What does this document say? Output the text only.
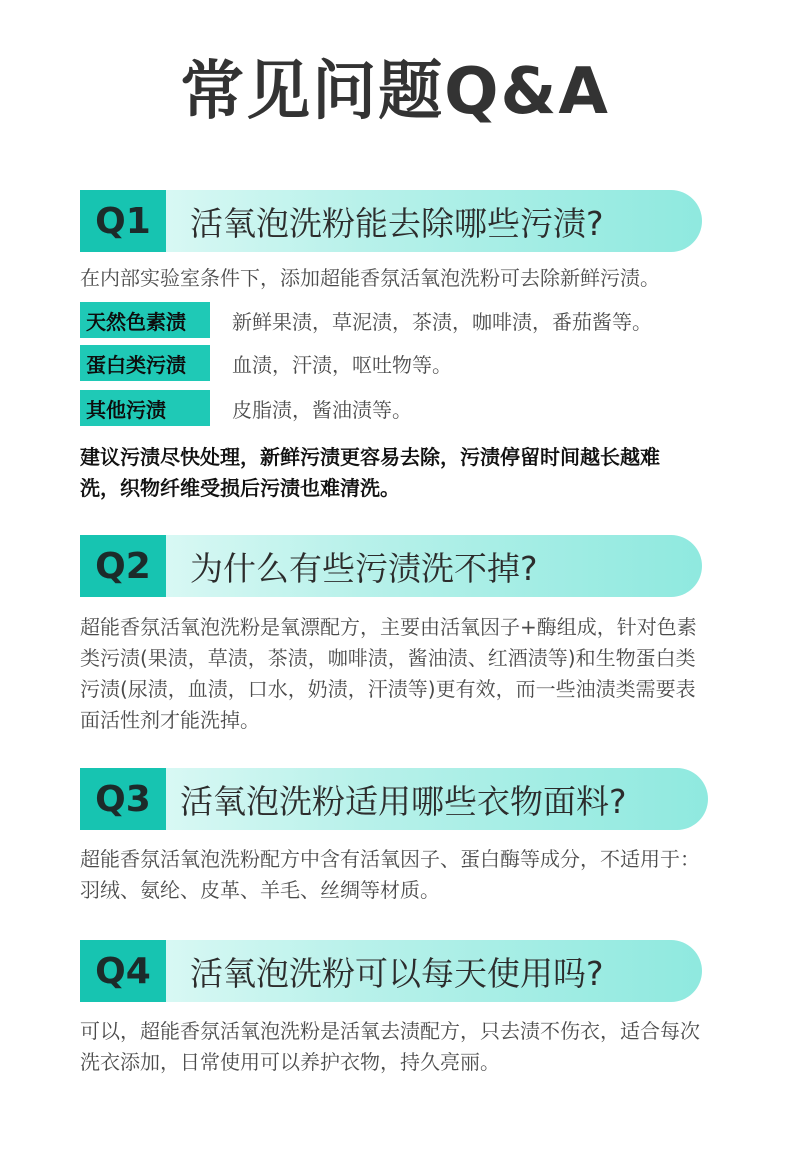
常见问题Q&A
Q1	活氧泡洗粉能去除哪些污渍?
在内部实验室条件下，添加超能香氛活氧泡洗粉可去除新鲜污渍。
天然色素渍	新鲜果渍，草泥渍，茶渍，咖啡渍，番茄酱等。
蛋白类污渍	血渍，汗渍，呕吐物等。
其他污渍	皮脂渍，酱油渍等。
建议污渍尽快处理，新鲜污渍更容易去除，污渍停留时间越长越难洗，织物纤维受损后污渍也难清洗。
Q2	为什么有些污渍洗不掉?
超能香氛活氧泡洗粉是氧漂配方，主要由活氧因子+酶组成，针对色素类污渍(果渍，草渍，茶渍，咖啡渍，酱油渍、红酒渍等)和生物蛋白类污渍(尿渍，血渍，口水，奶渍，汗渍等)更有效，而一些油渍类需要表面活性剂才能洗掉。
Q3 活氧泡洗粉适用哪些衣物面料?
超能香氛活氧泡洗粉配方中含有活氧因子、蛋白酶等成分，不适用于：羽绒、氨纶、皮革、羊毛、丝绸等材质。
Q4	活氧泡洗粉可以每天使用吗?
可以，超能香氛活氧泡洗粉是活氧去渍配方，只去渍不伤衣，适合每次洗衣添加，日常使用可以养护衣物，持久亮丽。
